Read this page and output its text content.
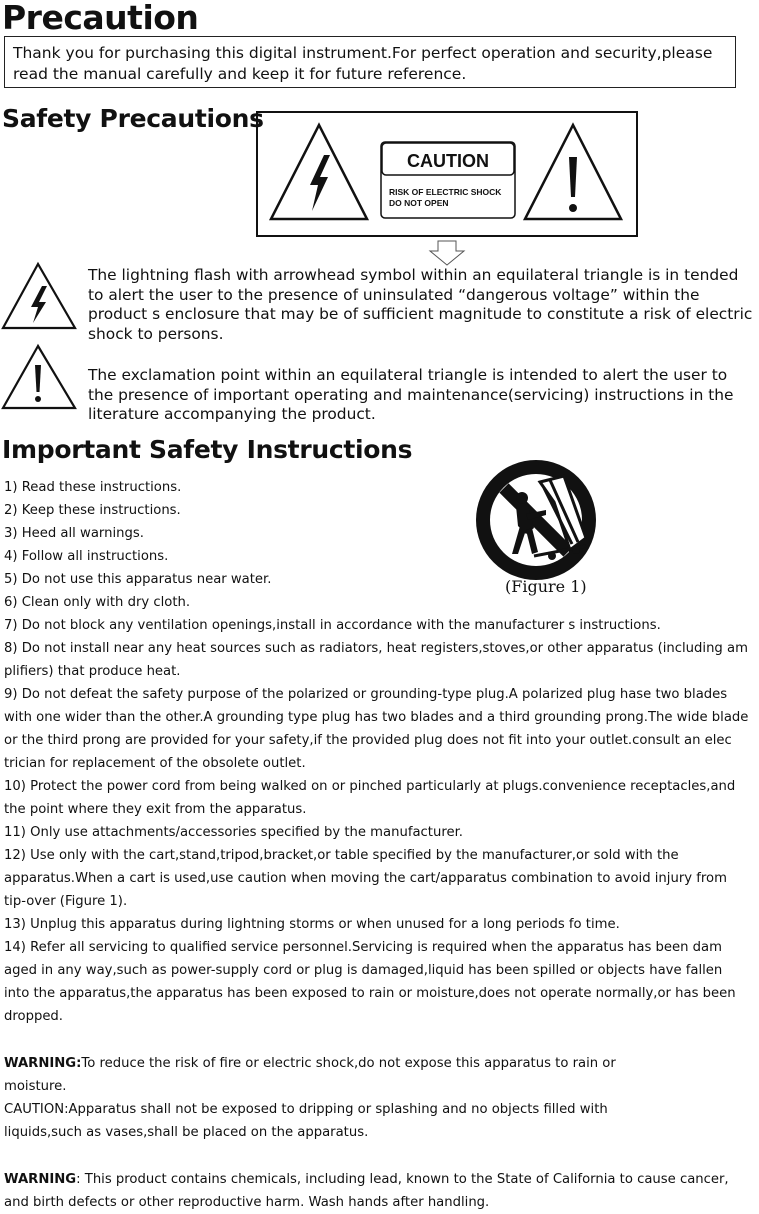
Precaution
Thank you for purchasing this digital instrument.For perfect operation and security,please read the manual carefully and keep it for future reference.
Safety Precautions
CAUTION
RISK OF ELECTRIC SHOCK
DO NOT OPEN
The lightning flash with arrowhead symbol within an equilateral triangle is in tended to alert the user to the presence of uninsulated “dangerous voltage” within the product s enclosure that may be of sufficient magnitude to constitute a risk of electric shock to persons.
The exclamation point within an equilateral triangle is intended to alert the user to the presence of important operating and maintenance(servicing) instructions in the literature accompanying the product.
Important Safety Instructions
(Figure 1)
1) Read these instructions.
2) Keep these instructions.
3) Heed all warnings.
4) Follow all instructions.
5) Do not use this apparatus near water.
6) Clean only with dry cloth.
7) Do not block any ventilation openings,install in accordance with the manufacturer s instructions.
8) Do not install near any heat sources such as radiators, heat registers,stoves,or other apparatus (including am
plifiers) that produce heat.
9) Do not defeat the safety purpose of the polarized or grounding-type plug.A polarized plug hase two blades
with one wider than the other.A grounding type plug has two blades and a third grounding prong.The wide blade
or the third prong are provided for your safety,if the provided plug does not fit into your outlet.consult an elec
trician for replacement of the obsolete outlet.
10) Protect the power cord from being walked on or pinched particularly at plugs.convenience receptacles,and
the point where they exit from the apparatus.
11) Only use attachments/accessories specified by the manufacturer.
12) Use only with the cart,stand,tripod,bracket,or table specified by the manufacturer,or sold with the
apparatus.When a cart is used,use caution when moving the cart/apparatus combination to avoid injury from
tip-over (Figure 1).
13) Unplug this apparatus during lightning storms or when unused for a long periods fo time.
14) Refer all servicing to qualified service personnel.Servicing is required when the apparatus has been dam
aged in any way,such as power-supply cord or plug is damaged,liquid has been spilled or objects have fallen
into the apparatus,the apparatus has been exposed to rain or moisture,does not operate normally,or has been
dropped.
WARNING:To reduce the risk of fire or electric shock,do not expose this apparatus to rain or
moisture.
CAUTION:Apparatus shall not be exposed to dripping or splashing and no objects filled with
liquids,such as vases,shall be placed on the apparatus.
WARNING: This product contains chemicals, including lead, known to the State of California to cause cancer,
and birth defects or other reproductive harm. Wash hands after handling.
